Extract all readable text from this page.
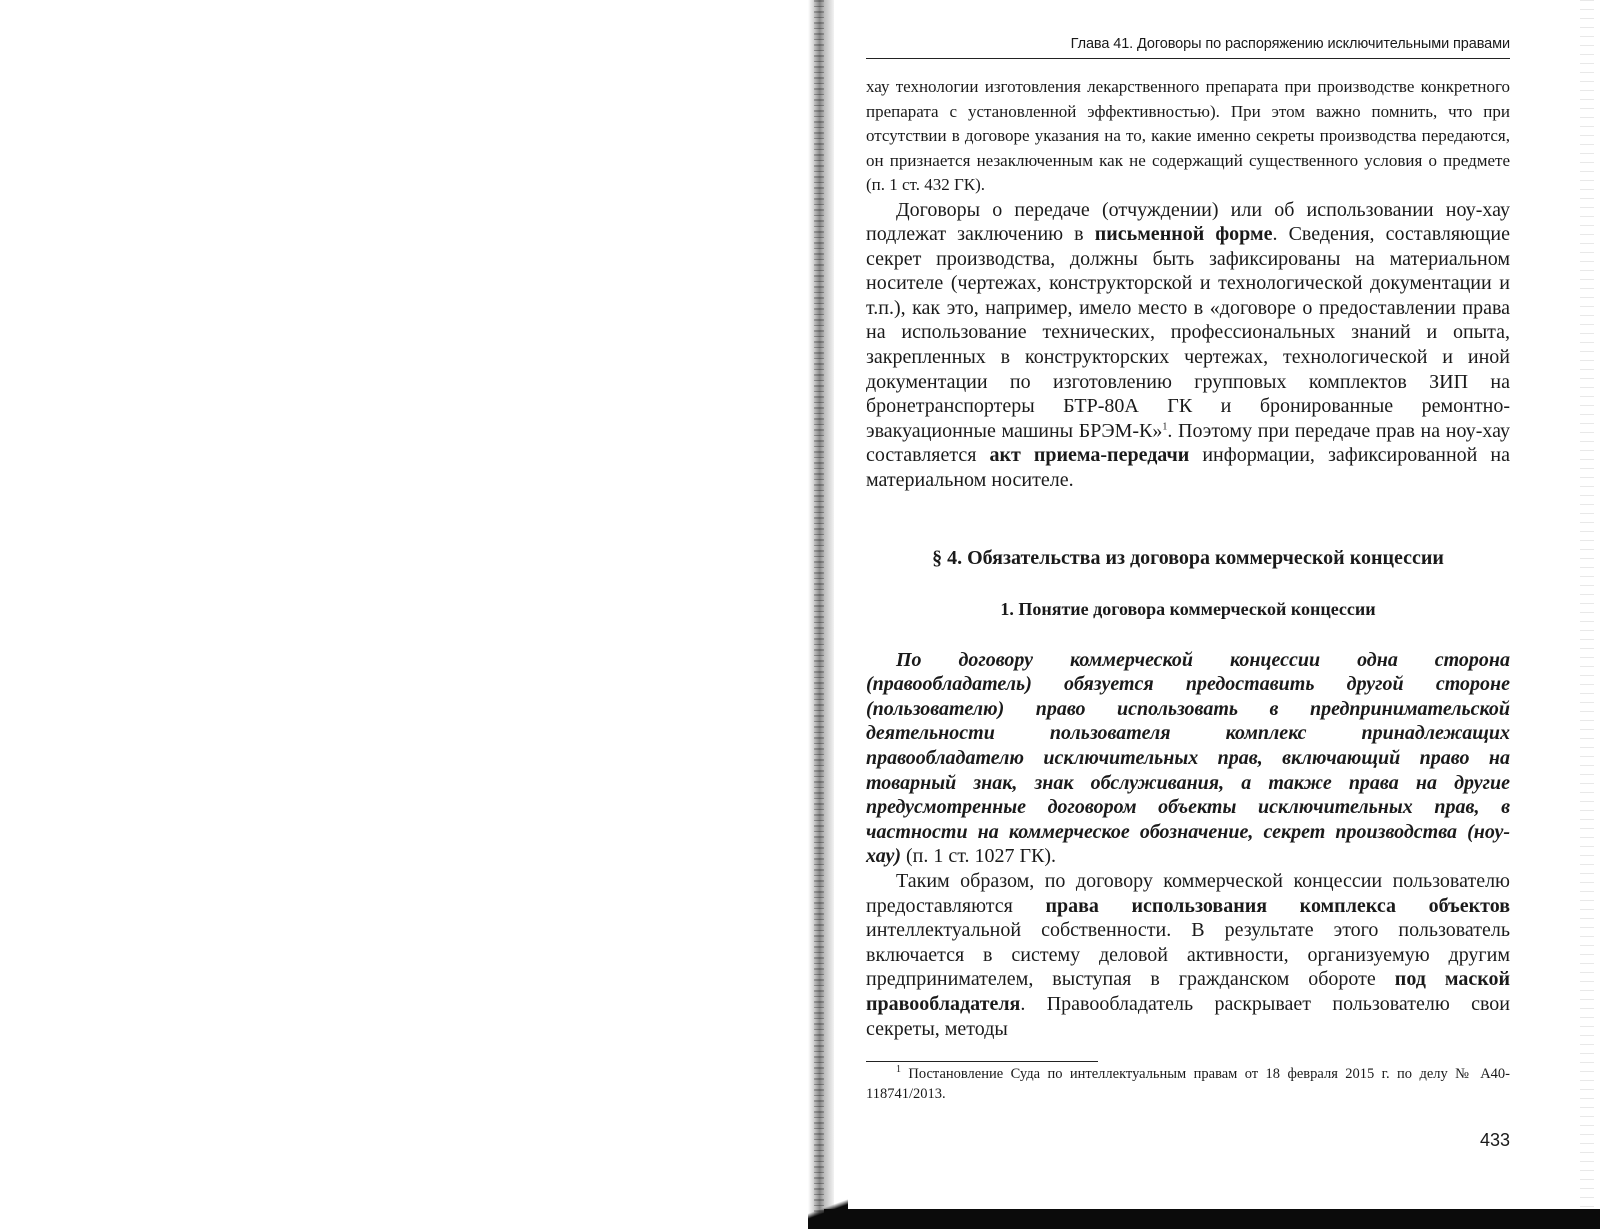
Глава 41. Договоры по распоряжению исключительными правами

хау технологии изготовления лекарственного препарата при производстве конкретного препарата с установленной эффективностью). При этом важно помнить, что при отсутствии в договоре указания на то, какие именно секреты производства передаются, он признается незаключенным как не содержащий существенного условия о предмете (п. 1 ст. 432 ГК).

Договоры о передаче (отчуждении) или об использовании ноу-хау подлежат заключению в письменной форме. Сведения, составляющие секрет производства, должны быть зафиксированы на материальном носителе (чертежах, конструкторской и технологической документации и т.п.), как это, например, имело место в «договоре о предоставлении права на использование технических, профессиональных знаний и опыта, закрепленных в конструкторских чертежах, технологической и иной документации по изготовлению групповых комплектов ЗИП на бронетранспортеры БТР-80А ГК и бронированные ремонтно-эвакуационные машины БРЭМ-К»$^1$. Поэтому при передаче прав на ноу-хау составляется акт приема-передачи информации, зафиксированной на материальном носителе.

§ 4. Обязательства из договора коммерческой концессии
1. Понятие договора коммерческой концессии

По договору коммерческой концессии одна сторона (правообладатель) обязуется предоставить другой стороне (пользователю) право использовать в предпринимательской деятельности пользователя комплекс принадлежащих правообладателю исключительных прав, включающий право на товарный знак, знак обслуживания, а также права на другие предусмотренные договором объекты исключительных прав, в частности на коммерческое обозначение, секрет производства (ноу-хау) (п. 1 ст. 1027 ГК).

Таким образом, по договору коммерческой концессии пользователю предоставляются права использования комплекса объектов интеллектуальной собственности. В результате этого пользователь включается в систему деловой активности, организуемую другим предпринимателем, выступая в гражданском обороте под маской правообладателя. Правообладатель раскрывает пользователю свои секреты, методы

$^1$ Постановление Суда по интеллектуальным правам от 18 февраля 2015 г. по делу № А40-118741/2013.

433
